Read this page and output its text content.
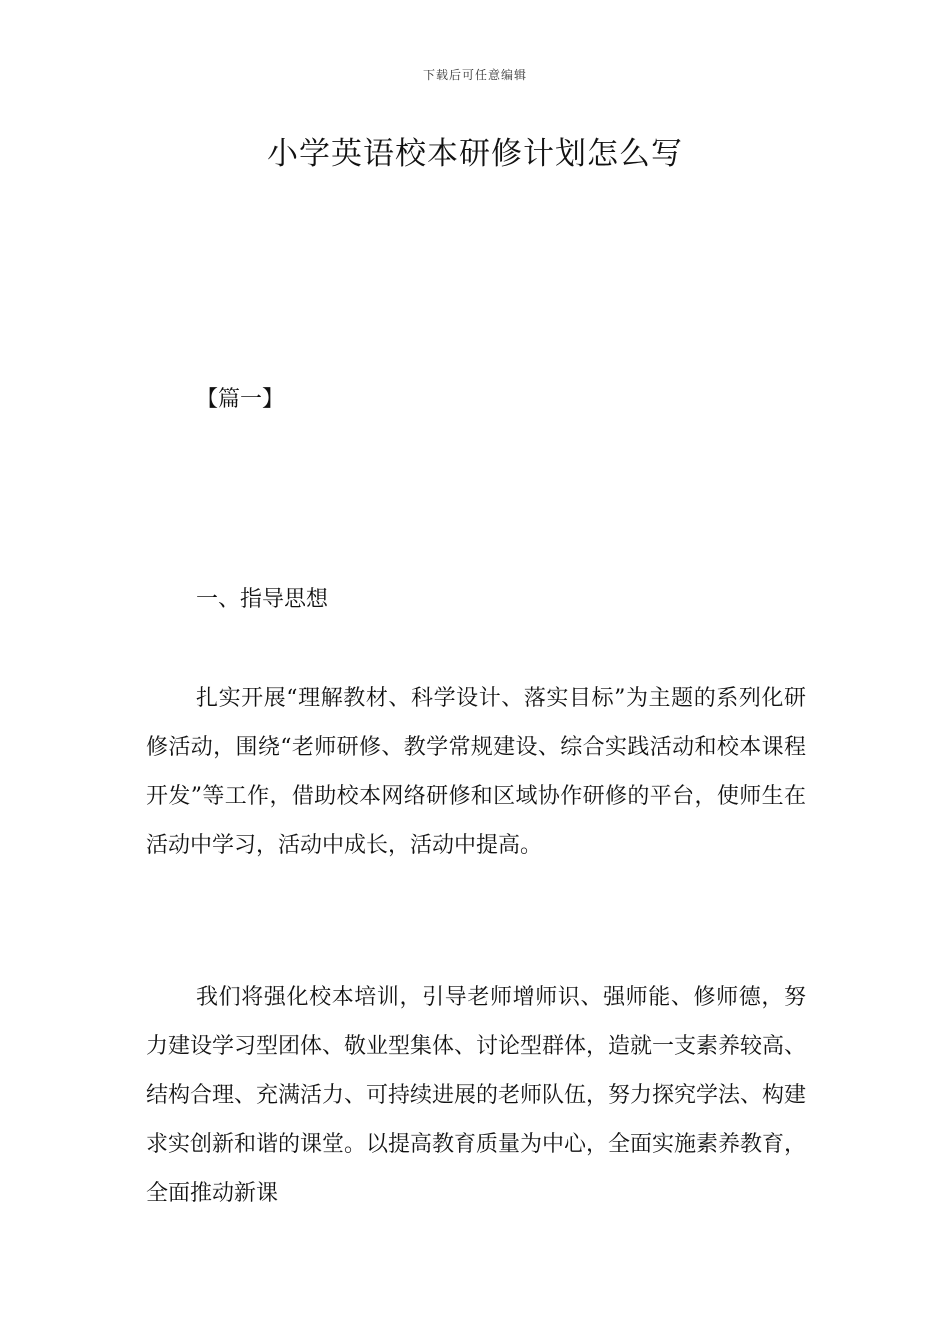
下载后可任意编辑
小学英语校本研修计划怎么写
【篇一】
一、指导思想

扎实开展“理解教材、科学设计、落实目标”为主题的系列化研修活动，围绕“老师研修、教学常规建设、综合实践活动和校本课程开发”等工作，借助校本网络研修和区域协作研修的平台，使师生在活动中学习，活动中成长，活动中提高。

我们将强化校本培训，引导老师增师识、强师能、修师德，努力建设学习型团体、敬业型集体、讨论型群体，造就一支素养较高、结构合理、充满活力、可持续进展的老师队伍，努力探究学法、构建求实创新和谐的课堂。以提高教育质量为中心，全面实施素养教育，全面推动新课
